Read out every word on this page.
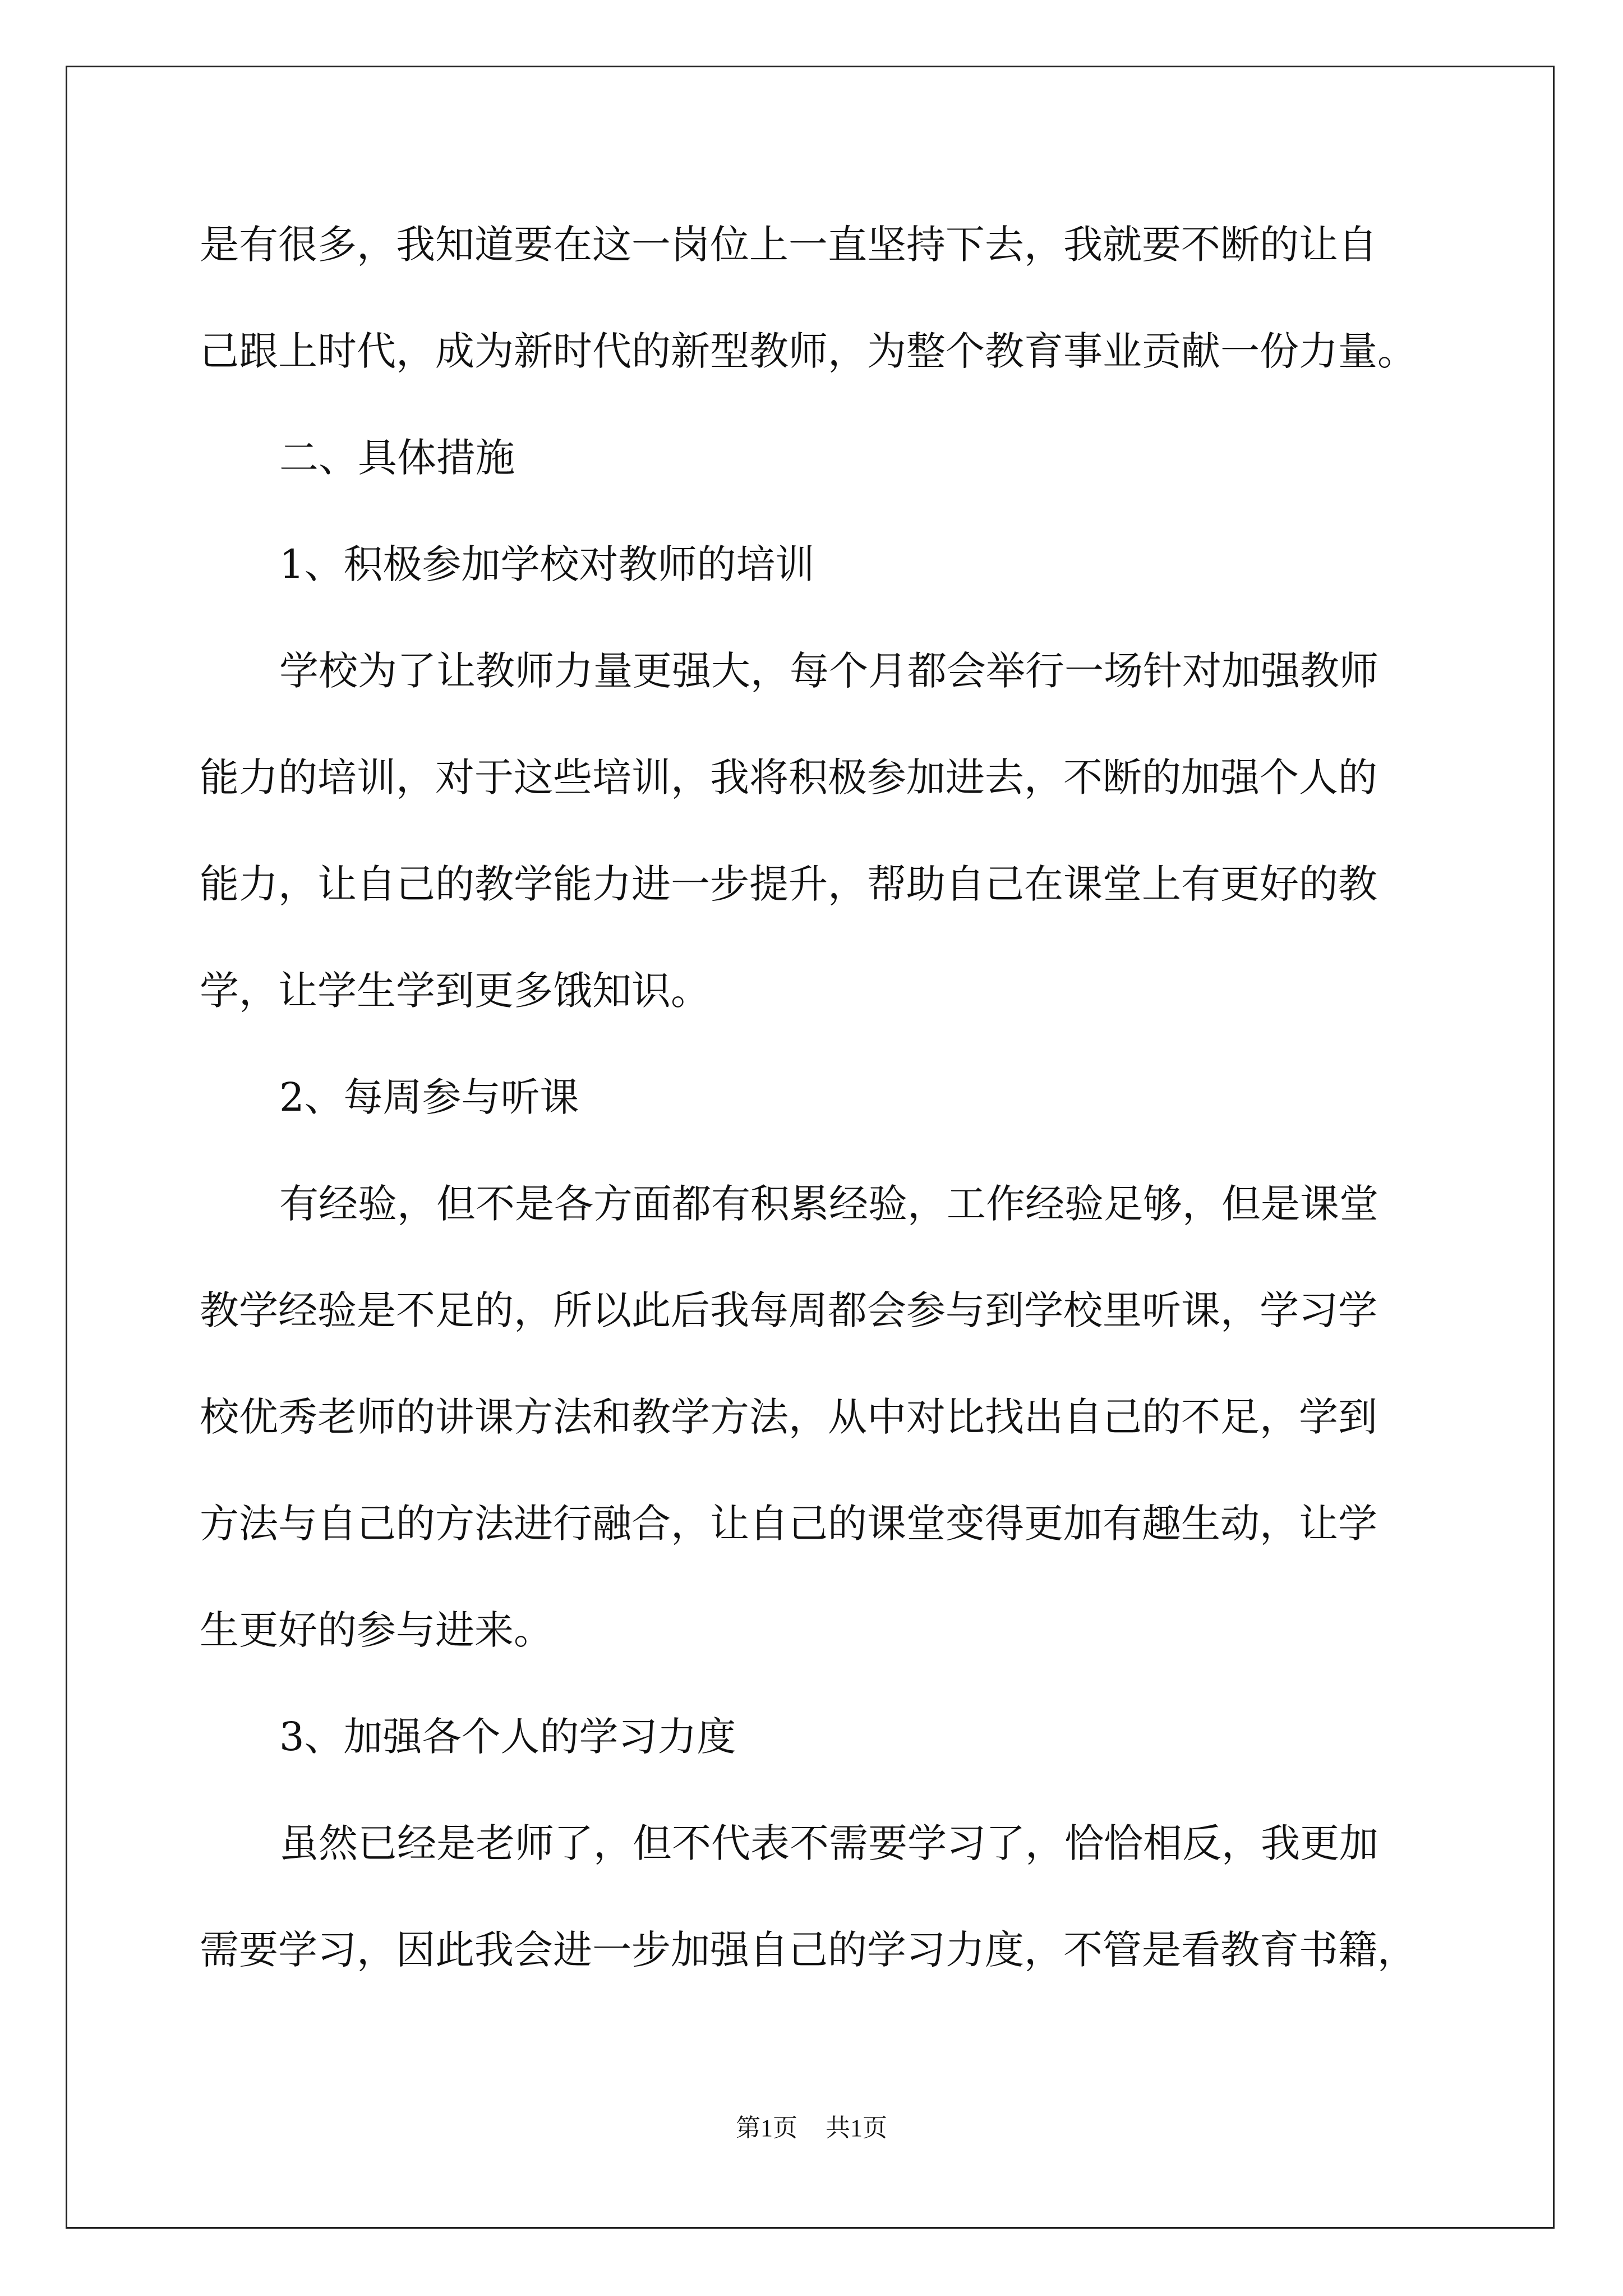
是有很多，我知道要在这一岗位上一直坚持下去，我就要不断的让自
己跟上时代，成为新时代的新型教师，为整个教育事业贡献一份力量。
二、具体措施
1、积极参加学校对教师的培训
学校为了让教师力量更强大，每个月都会举行一场针对加强教师
能力的培训，对于这些培训，我将积极参加进去，不断的加强个人的
能力，让自己的教学能力进一步提升，帮助自己在课堂上有更好的教
学，让学生学到更多饿知识。
2、每周参与听课
有经验，但不是各方面都有积累经验，工作经验足够，但是课堂
教学经验是不足的，所以此后我每周都会参与到学校里听课，学习学
校优秀老师的讲课方法和教学方法，从中对比找出自己的不足，学到
方法与自己的方法进行融合，让自己的课堂变得更加有趣生动，让学
生更好的参与进来。
3、加强各个人的学习力度
虽然已经是老师了，但不代表不需要学习了，恰恰相反，我更加
需要学习，因此我会进一步加强自己的学习力度，不管是看教育书籍，
第1页 共1页
